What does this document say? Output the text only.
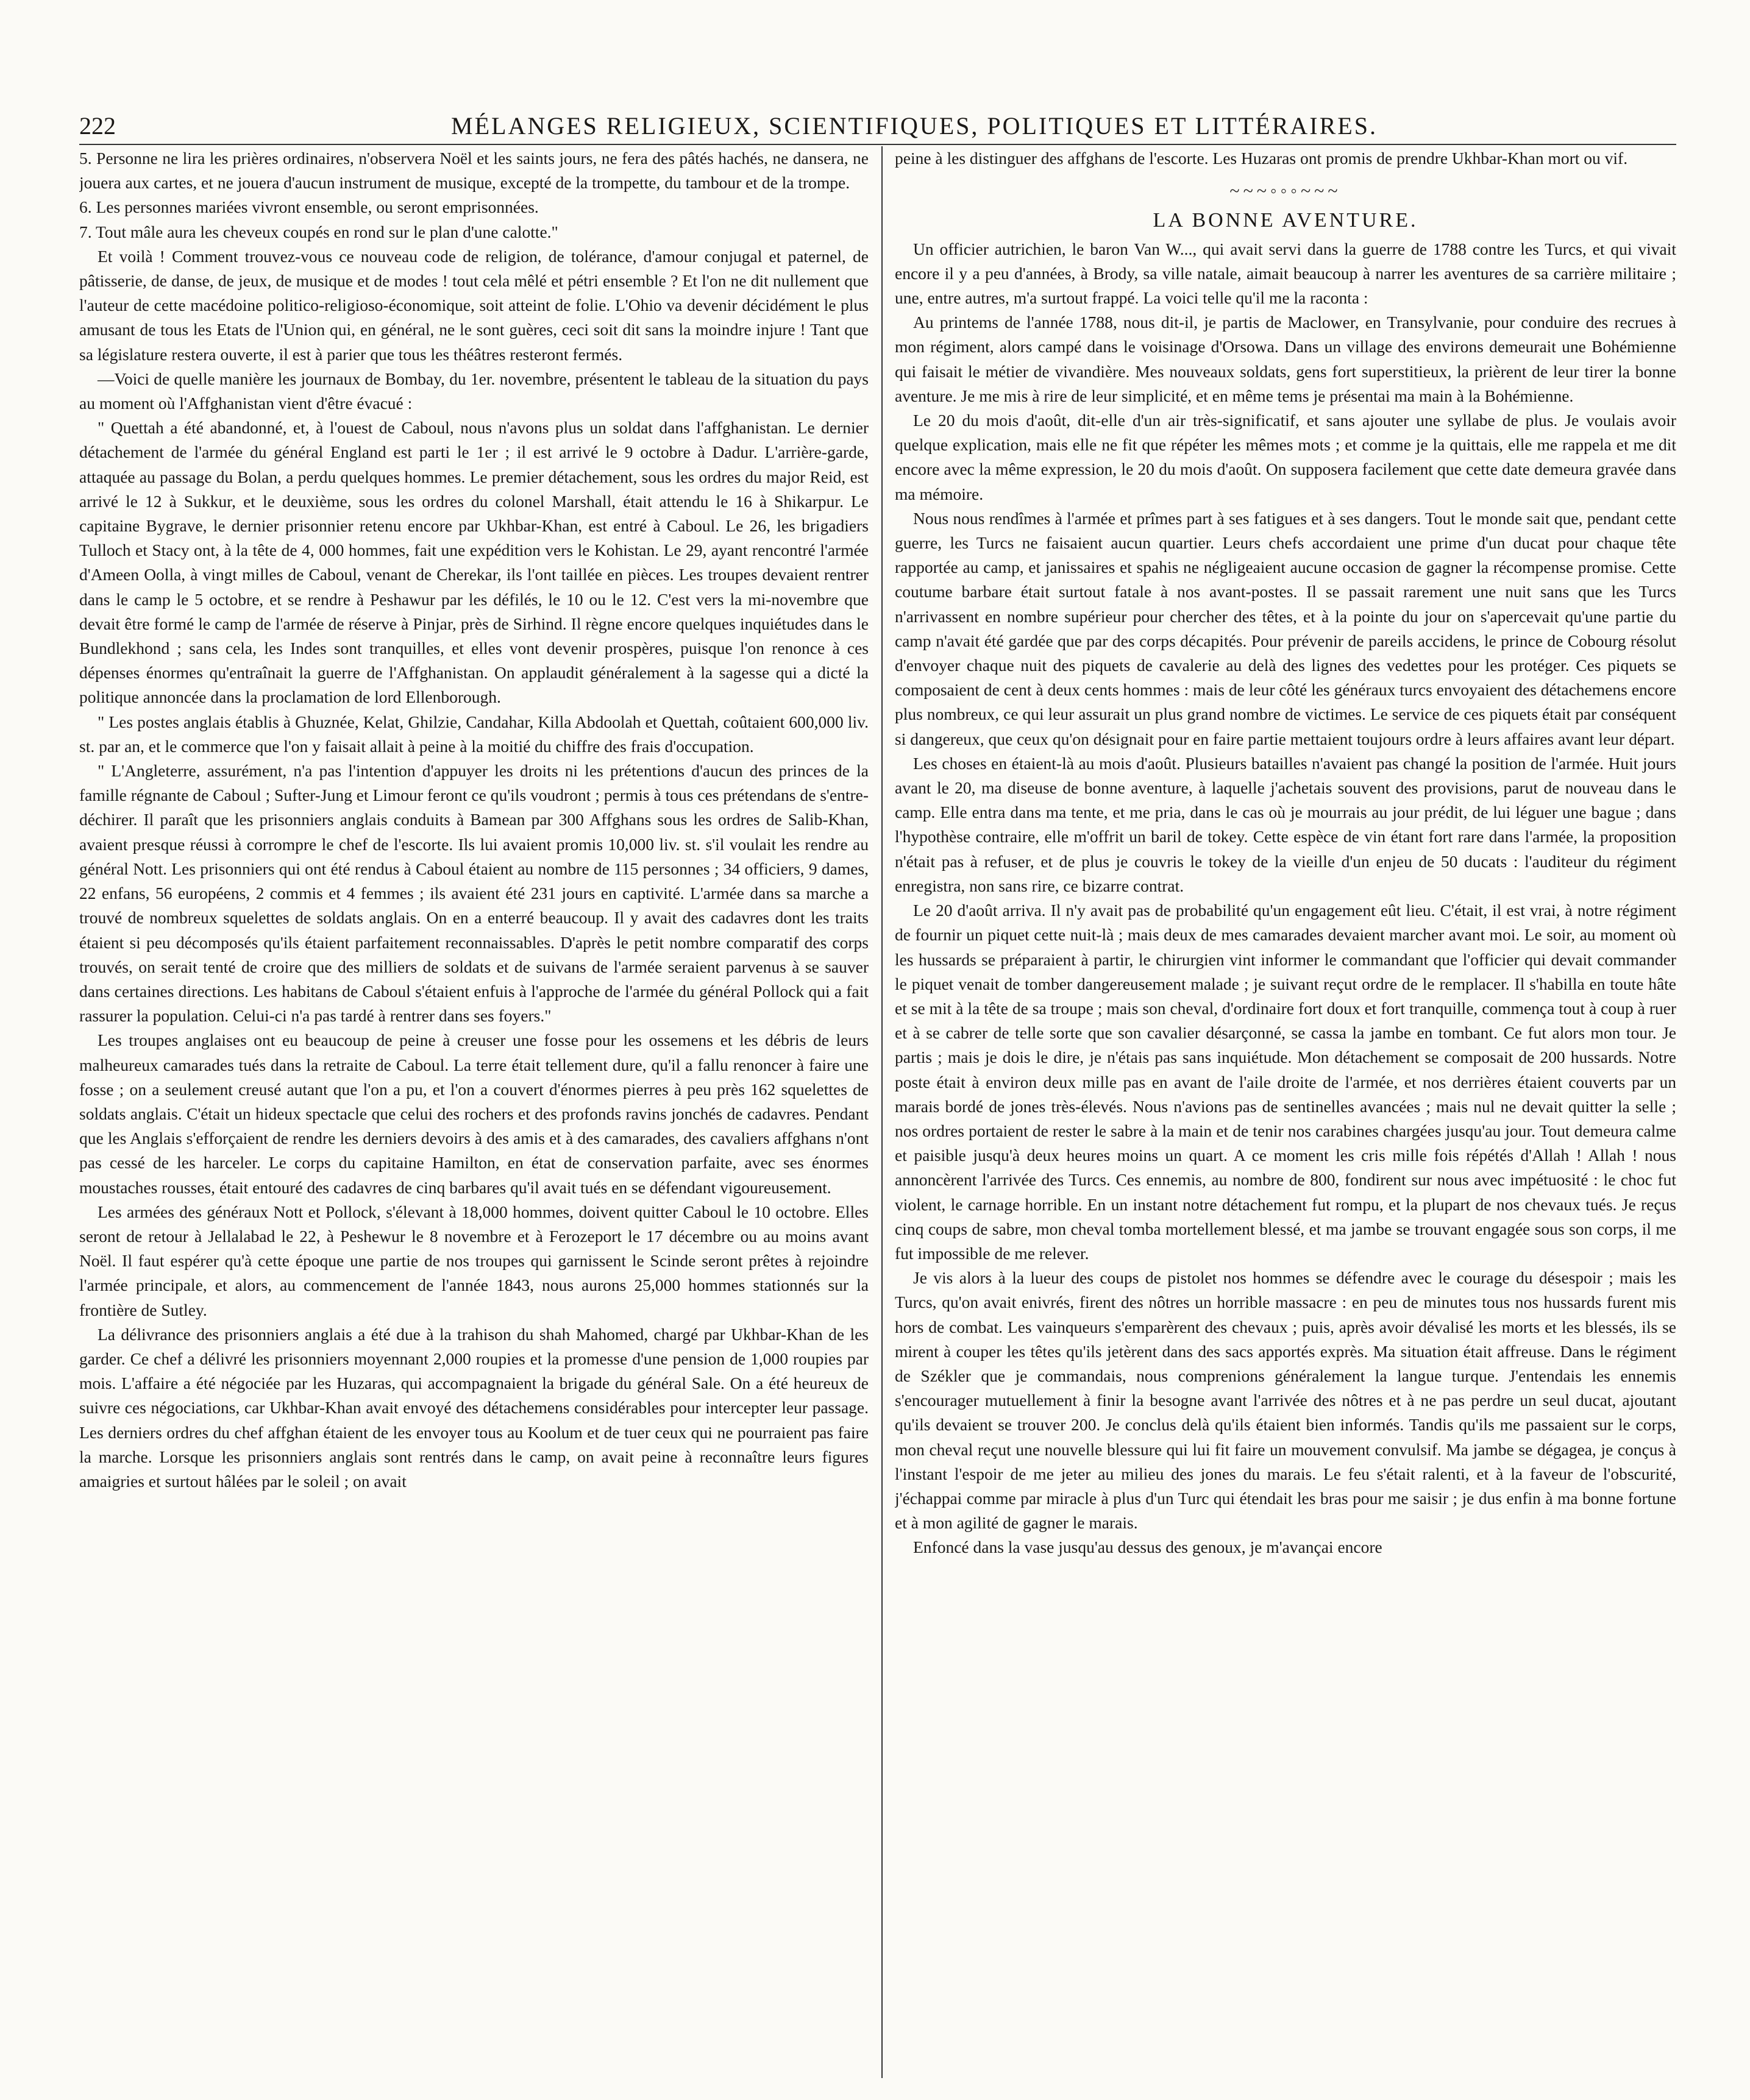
222	MÉLANGES RELIGIEUX, SCIENTIFIQUES, POLITIQUES ET LITTÉRAIRES.

5. Personne ne lira les prières ordinaires, n'observera Noël et les saints jours, ne fera des pâtés hachés, ne dansera, ne jouera aux cartes, et ne jouera d'aucun instrument de musique, excepté de la trompette, du tambour et de la trompe.

6. Les personnes mariées vivront ensemble, ou seront emprisonnées.

7. Tout mâle aura les cheveux coupés en rond sur le plan d'une calotte."

Et voilà ! Comment trouvez-vous ce nouveau code de religion, de tolérance, d'amour conjugal et paternel, de pâtisserie, de danse, de jeux, de musique et de modes ! tout cela mêlé et pétri ensemble ? Et l'on ne dit nullement que l'auteur de cette macédoine politico-religioso-économique, soit atteint de folie. L'Ohio va devenir décidément le plus amusant de tous les Etats de l'Union qui, en général, ne le sont guères, ceci soit dit sans la moindre injure ! Tant que sa législature restera ouverte, il est à parier que tous les théâtres resteront fermés.

—Voici de quelle manière les journaux de Bombay, du 1er. novembre, présentent le tableau de la situation du pays au moment où l'Affghanistan vient d'être évacué :

" Quettah a été abandonné, et, à l'ouest de Caboul, nous n'avons plus un soldat dans l'affghanistan. Le dernier détachement de l'armée du général England est parti le 1er ; il est arrivé le 9 octobre à Dadur. L'arrière-garde, attaquée au passage du Bolan, a perdu quelques hommes. Le premier détachement, sous les ordres du major Reid, est arrivé le 12 à Sukkur, et le deuxième, sous les ordres du colonel Marshall, était attendu le 16 à Shikarpur. Le capitaine Bygrave, le dernier prisonnier retenu encore par Ukhbar-Khan, est entré à Caboul. Le 26, les brigadiers Tulloch et Stacy ont, à la tête de 4, 000 hommes, fait une expédition vers le Kohistan. Le 29, ayant rencontré l'armée d'Ameen Oolla, à vingt milles de Caboul, venant de Cherekar, ils l'ont taillée en pièces. Les troupes devaient rentrer dans le camp le 5 octobre, et se rendre à Peshawur par les défilés, le 10 ou le 12. C'est vers la mi-novembre que devait être formé le camp de l'armée de réserve à Pinjar, près de Sirhind. Il règne encore quelques inquiétudes dans le Bundlekhond ; sans cela, les Indes sont tranquilles, et elles vont devenir prospères, puisque l'on renonce à ces dépenses énormes qu'entraînait la guerre de l'Affghanistan. On applaudit généralement à la sagesse qui a dicté la politique annoncée dans la proclamation de lord Ellenborough.

" Les postes anglais établis à Ghuznée, Kelat, Ghilzie, Candahar, Killa Abdoolah et Quettah, coûtaient 600,000 liv. st. par an, et le commerce que l'on y faisait allait à peine à la moitié du chiffre des frais d'occupation.

" L'Angleterre, assurément, n'a pas l'intention d'appuyer les droits ni les prétentions d'aucun des princes de la famille régnante de Caboul ; Sufter-Jung et Limour feront ce qu'ils voudront ; permis à tous ces prétendans de s'entre-déchirer. Il paraît que les prisonniers anglais conduits à Bamean par 300 Affghans sous les ordres de Salib-Khan, avaient presque réussi à corrompre le chef de l'escorte. Ils lui avaient promis 10,000 liv. st. s'il voulait les rendre au général Nott. Les prisonniers qui ont été rendus à Caboul étaient au nombre de 115 personnes ; 34 officiers, 9 dames, 22 enfans, 56 européens, 2 commis et 4 femmes ; ils avaient été 231 jours en captivité. L'armée dans sa marche a trouvé de nombreux squelettes de soldats anglais. On en a enterré beaucoup. Il y avait des cadavres dont les traits étaient si peu décomposés qu'ils étaient parfaitement reconnaissables. D'après le petit nombre comparatif des corps trouvés, on serait tenté de croire que des milliers de soldats et de suivans de l'armée seraient parvenus à se sauver dans certaines directions. Les habitans de Caboul s'étaient enfuis à l'approche de l'armée du général Pollock qui a fait rassurer la population. Celui-ci n'a pas tardé à rentrer dans ses foyers."

Les troupes anglaises ont eu beaucoup de peine à creuser une fosse pour les ossemens et les débris de leurs malheureux camarades tués dans la retraite de Caboul. La terre était tellement dure, qu'il a fallu renoncer à faire une fosse ; on a seulement creusé autant que l'on a pu, et l'on a couvert d'énormes pierres à peu près 162 squelettes de soldats anglais. C'était un hideux spectacle que celui des rochers et des profonds ravins jonchés de cadavres. Pendant que les Anglais s'efforçaient de rendre les derniers devoirs à des amis et à des camarades, des cavaliers affghans n'ont pas cessé de les harceler. Le corps du capitaine Hamilton, en état de conservation parfaite, avec ses énormes moustaches rousses, était entouré des cadavres de cinq barbares qu'il avait tués en se défendant vigoureusement.

Les armées des généraux Nott et Pollock, s'élevant à 18,000 hommes, doivent quitter Caboul le 10 octobre. Elles seront de retour à Jellalabad le 22, à Peshewur le 8 novembre et à Ferozeport le 17 décembre ou au moins avant Noël. Il faut espérer qu'à cette époque une partie de nos troupes qui garnissent le Scinde seront prêtes à rejoindre l'armée principale, et alors, au commencement de l'année 1843, nous aurons 25,000 hommes stationnés sur la frontière de Sutley.

La délivrance des prisonniers anglais a été due à la trahison du shah Mahomed, chargé par Ukhbar-Khan de les garder. Ce chef a délivré les prisonniers moyennant 2,000 roupies et la promesse d'une pension de 1,000 roupies par mois. L'affaire a été négociée par les Huzaras, qui accompagnaient la brigade du général Sale. On a été heureux de suivre ces négociations, car Ukhbar-Khan avait envoyé des détachemens considérables pour intercepter leur passage. Les derniers ordres du chef affghan étaient de les envoyer tous au Koolum et de tuer ceux qui ne pourraient pas faire la marche. Lorsque les prisonniers anglais sont rentrés dans le camp, on avait peine à reconnaître leurs figures amaigries et surtout hâlées par le soleil ; on avait

peine à les distinguer des affghans de l'escorte. Les Huzaras ont promis de prendre Ukhbar-Khan mort ou vif.

~~~◦◦◦~~~
LA BONNE AVENTURE.

Un officier autrichien, le baron Van W..., qui avait servi dans la guerre de 1788 contre les Turcs, et qui vivait encore il y a peu d'années, à Brody, sa ville natale, aimait beaucoup à narrer les aventures de sa carrière militaire ; une, entre autres, m'a surtout frappé. La voici telle qu'il me la raconta :

Au printems de l'année 1788, nous dit-il, je partis de Maclower, en Transylvanie, pour conduire des recrues à mon régiment, alors campé dans le voisinage d'Orsowa. Dans un village des environs demeurait une Bohémienne qui faisait le métier de vivandière. Mes nouveaux soldats, gens fort superstitieux, la prièrent de leur tirer la bonne aventure. Je me mis à rire de leur simplicité, et en même tems je présentai ma main à la Bohémienne.

Le 20 du mois d'août, dit-elle d'un air très-significatif, et sans ajouter une syllabe de plus. Je voulais avoir quelque explication, mais elle ne fit que répéter les mêmes mots ; et comme je la quittais, elle me rappela et me dit encore avec la même expression, le 20 du mois d'août. On supposera facilement que cette date demeura gravée dans ma mémoire.

Nous nous rendîmes à l'armée et prîmes part à ses fatigues et à ses dangers. Tout le monde sait que, pendant cette guerre, les Turcs ne faisaient aucun quartier. Leurs chefs accordaient une prime d'un ducat pour chaque tête rapportée au camp, et janissaires et spahis ne négligeaient aucune occasion de gagner la récompense promise. Cette coutume barbare était surtout fatale à nos avant-postes. Il se passait rarement une nuit sans que les Turcs n'arrivassent en nombre supérieur pour chercher des têtes, et à la pointe du jour on s'apercevait qu'une partie du camp n'avait été gardée que par des corps décapités. Pour prévenir de pareils accidens, le prince de Cobourg résolut d'envoyer chaque nuit des piquets de cavalerie au delà des lignes des vedettes pour les protéger. Ces piquets se composaient de cent à deux cents hommes : mais de leur côté les généraux turcs envoyaient des détachemens encore plus nombreux, ce qui leur assurait un plus grand nombre de victimes. Le service de ces piquets était par conséquent si dangereux, que ceux qu'on désignait pour en faire partie mettaient toujours ordre à leurs affaires avant leur départ.

Les choses en étaient-là au mois d'août. Plusieurs batailles n'avaient pas changé la position de l'armée. Huit jours avant le 20, ma diseuse de bonne aventure, à laquelle j'achetais souvent des provisions, parut de nouveau dans le camp. Elle entra dans ma tente, et me pria, dans le cas où je mourrais au jour prédit, de lui léguer une bague ; dans l'hypothèse contraire, elle m'offrit un baril de tokey. Cette espèce de vin étant fort rare dans l'armée, la proposition n'était pas à refuser, et de plus je couvris le tokey de la vieille d'un enjeu de 50 ducats : l'auditeur du régiment enregistra, non sans rire, ce bizarre contrat.

Le 20 d'août arriva. Il n'y avait pas de probabilité qu'un engagement eût lieu. C'était, il est vrai, à notre régiment de fournir un piquet cette nuit-là ; mais deux de mes camarades devaient marcher avant moi. Le soir, au moment où les hussards se préparaient à partir, le chirurgien vint informer le commandant que l'officier qui devait commander le piquet venait de tomber dangereusement malade ; je suivant reçut ordre de le remplacer. Il s'habilla en toute hâte et se mit à la tête de sa troupe ; mais son cheval, d'ordinaire fort doux et fort tranquille, commença tout à coup à ruer et à se cabrer de telle sorte que son cavalier désarçonné, se cassa la jambe en tombant. Ce fut alors mon tour. Je partis ; mais je dois le dire, je n'étais pas sans inquiétude. Mon détachement se composait de 200 hussards. Notre poste était à environ deux mille pas en avant de l'aile droite de l'armée, et nos derrières étaient couverts par un marais bordé de jones très-élevés. Nous n'avions pas de sentinelles avancées ; mais nul ne devait quitter la selle ; nos ordres portaient de rester le sabre à la main et de tenir nos carabines chargées jusqu'au jour. Tout demeura calme et paisible jusqu'à deux heures moins un quart. A ce moment les cris mille fois répétés d'Allah ! Allah ! nous annoncèrent l'arrivée des Turcs. Ces ennemis, au nombre de 800, fondirent sur nous avec impétuosité : le choc fut violent, le carnage horrible. En un instant notre détachement fut rompu, et la plupart de nos chevaux tués. Je reçus cinq coups de sabre, mon cheval tomba mortellement blessé, et ma jambe se trouvant engagée sous son corps, il me fut impossible de me relever.

Je vis alors à la lueur des coups de pistolet nos hommes se défendre avec le courage du désespoir ; mais les Turcs, qu'on avait enivrés, firent des nôtres un horrible massacre : en peu de minutes tous nos hussards furent mis hors de combat. Les vainqueurs s'emparèrent des chevaux ; puis, après avoir dévalisé les morts et les blessés, ils se mirent à couper les têtes qu'ils jetèrent dans des sacs apportés exprès. Ma situation était affreuse. Dans le régiment de Székler que je commandais, nous comprenions généralement la langue turque. J'entendais les ennemis s'encourager mutuellement à finir la besogne avant l'arrivée des nôtres et à ne pas perdre un seul ducat, ajoutant qu'ils devaient se trouver 200. Je conclus delà qu'ils étaient bien informés. Tandis qu'ils me passaient sur le corps, mon cheval reçut une nouvelle blessure qui lui fit faire un mouvement convulsif. Ma jambe se dégagea, je conçus à l'instant l'espoir de me jeter au milieu des jones du marais. Le feu s'était ralenti, et à la faveur de l'obscurité, j'échappai comme par miracle à plus d'un Turc qui étendait les bras pour me saisir ; je dus enfin à ma bonne fortune et à mon agilité de gagner le marais.

Enfoncé dans la vase jusqu'au dessus des genoux, je m'avançai encore
